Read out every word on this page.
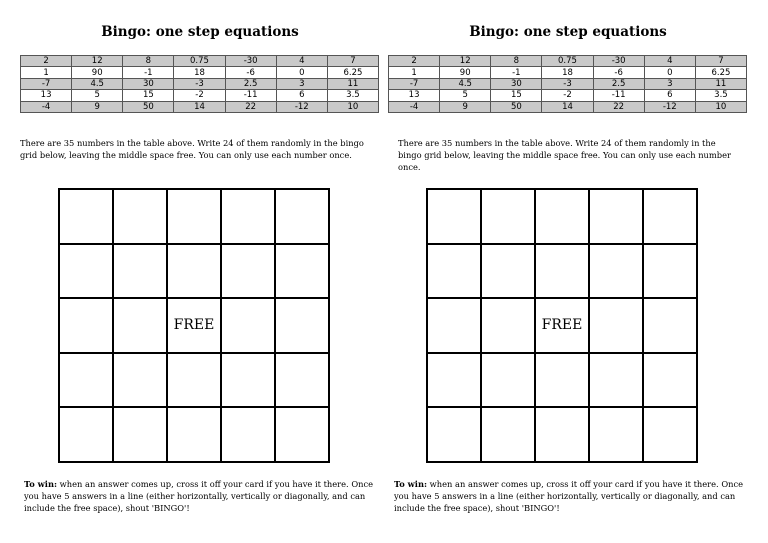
Bingo: one step equations
2	12	8	0.75	-30	4	7
1	90	-1	18	-6	0	6.25
-7	4.5	30	-3	2.5	3	11
13	5	15	-2	-11	6	3.5
-4	9	50	14	22	-12	10
There are 35 numbers in the table above. Write 24 of them randomly in the bingo grid below, leaving the middle space free. You can only use each number once.
FREE
To win: when an answer comes up, cross it off your card if you have it there. Once you have 5 answers in a line (either horizontally, vertically or diagonally, and can include the free space), shout 'BINGO'!
Bingo: one step equations
2	12	8	0.75	-30	4	7
1	90	-1	18	-6	0	6.25
-7	4.5	30	-3	2.5	3	11
13	5	15	-2	-11	6	3.5
-4	9	50	14	22	-12	10
There are 35 numbers in the table above. Write 24 of them randomly in the bingo grid below, leaving the middle space free. You can only use each number once.
FREE
To win: when an answer comes up, cross it off your card if you have it there. Once you have 5 answers in a line (either horizontally, vertically or diagonally, and can include the free space), shout 'BINGO'!
